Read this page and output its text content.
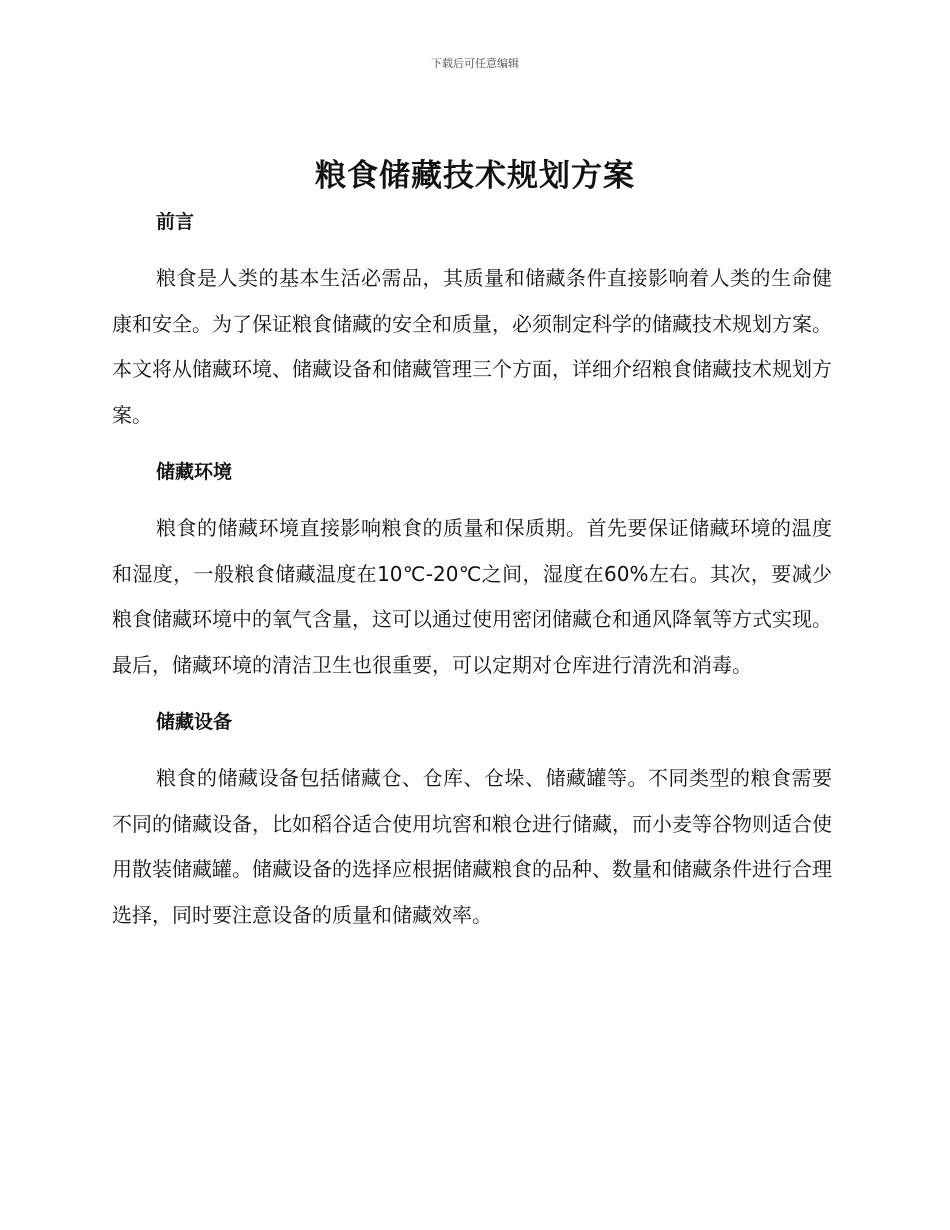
下载后可任意编辑
粮食储藏技术规划方案
前言

粮食是人类的基本生活必需品，其质量和储藏条件直接影响着人类的生命健康和安全。为了保证粮食储藏的安全和质量，必须制定科学的储藏技术规划方案。本文将从储藏环境、储藏设备和储藏管理三个方面，详细介绍粮食储藏技术规划方案。

储藏环境

粮食的储藏环境直接影响粮食的质量和保质期。首先要保证储藏环境的温度和湿度，一般粮食储藏温度在10℃-20℃之间，湿度在60%左右。其次，要减少粮食储藏环境中的氧气含量，这可以通过使用密闭储藏仓和通风降氧等方式实现。最后，储藏环境的清洁卫生也很重要，可以定期对仓库进行清洗和消毒。

储藏设备

粮食的储藏设备包括储藏仓、仓库、仓垛、储藏罐等。不同类型的粮食需要不同的储藏设备，比如稻谷适合使用坑窖和粮仓进行储藏，而小麦等谷物则适合使用散装储藏罐。储藏设备的选择应根据储藏粮食的品种、数量和储藏条件进行合理选择，同时要注意设备的质量和储藏效率。
